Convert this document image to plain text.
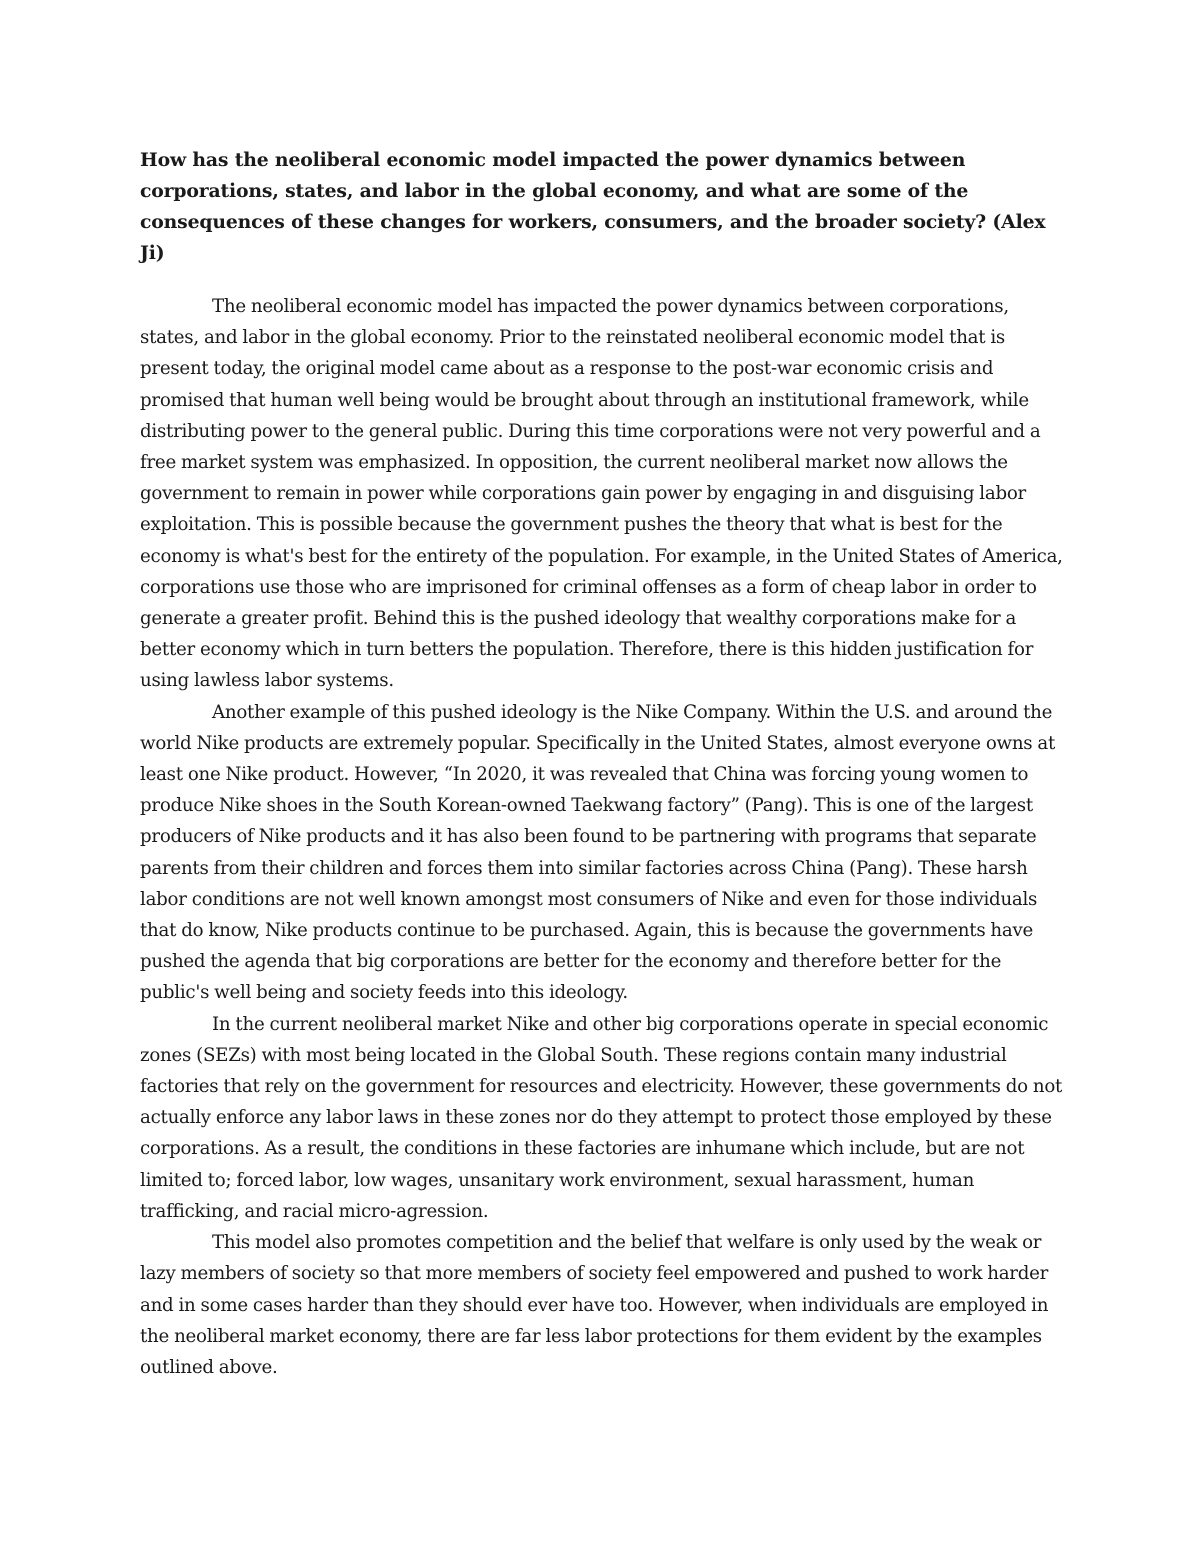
How has the neoliberal economic model impacted the power dynamics between corporations, states, and labor in the global economy, and what are some of the consequences of these changes for workers, consumers, and the broader society? (Alex Ji)

The neoliberal economic model has impacted the power dynamics between corporations, states, and labor in the global economy. Prior to the reinstated neoliberal economic model that is present today, the original model came about as a response to the post-war economic crisis and promised that human well being would be brought about through an institutional framework, while distributing power to the general public. During this time corporations were not very powerful and a free market system was emphasized. In opposition, the current neoliberal market now allows the government to remain in power while corporations gain power by engaging in and disguising labor exploitation. This is possible because the government pushes the theory that what is best for the economy is what's best for the entirety of the population. For example, in the United States of America, corporations use those who are imprisoned for criminal offenses as a form of cheap labor in order to generate a greater profit. Behind this is the pushed ideology that wealthy corporations make for a better economy which in turn betters the population. Therefore, there is this hidden justification for using lawless labor systems.

Another example of this pushed ideology is the Nike Company. Within the U.S. and around the world Nike products are extremely popular. Specifically in the United States, almost everyone owns at least one Nike product. However, “In 2020, it was revealed that China was forcing young women to produce Nike shoes in the South Korean-owned Taekwang factory” (Pang). This is one of the largest producers of Nike products and it has also been found to be partnering with programs that separate parents from their children and forces them into similar factories across China (Pang). These harsh labor conditions are not well known amongst most consumers of Nike and even for those individuals that do know, Nike products continue to be purchased. Again, this is because the governments have pushed the agenda that big corporations are better for the economy and therefore better for the public's well being and society feeds into this ideology.

In the current neoliberal market Nike and other big corporations operate in special economic zones (SEZs) with most being located in the Global South. These regions contain many industrial factories that rely on the government for resources and electricity. However, these governments do not actually enforce any labor laws in these zones nor do they attempt to protect those employed by these corporations. As a result, the conditions in these factories are inhumane which include, but are not limited to; forced labor, low wages, unsanitary work environment, sexual harassment, human trafficking, and racial micro-agression.

This model also promotes competition and the belief that welfare is only used by the weak or lazy members of society so that more members of society feel empowered and pushed to work harder and in some cases harder than they should ever have too. However, when individuals are employed in the neoliberal market economy, there are far less labor protections for them evident by the examples outlined above.
